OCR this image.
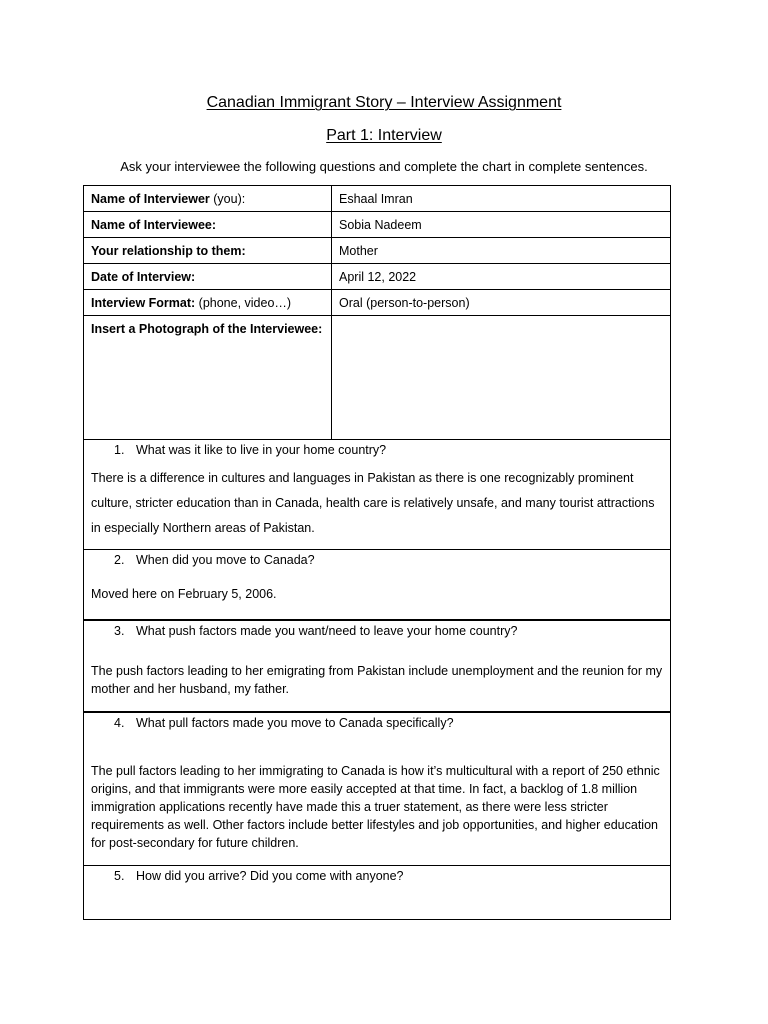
Canadian Immigrant Story – Interview Assignment
Part 1: Interview
Ask your interviewee the following questions and complete the chart in complete sentences.
Name of Interviewer (you):	Eshaal Imran
Name of Interviewee:	Sobia Nadeem
Your relationship to them:	Mother
Date of Interview:	April 12, 2022
Interview Format: (phone, video…)	Oral (person-to-person)
Insert a Photograph of the Interviewee:
1. What was it like to live in your home country?
There is a difference in cultures and languages in Pakistan as there is one recognizably prominent culture, stricter education than in Canada, health care is relatively unsafe, and many tourist attractions in especially Northern areas of Pakistan.
2. When did you move to Canada?
Moved here on February 5, 2006.
3. What push factors made you want/need to leave your home country?
The push factors leading to her emigrating from Pakistan include unemployment and the reunion for my mother and her husband, my father.
4. What pull factors made you move to Canada specifically?
The pull factors leading to her immigrating to Canada is how it’s multicultural with a report of 250 ethnic origins, and that immigrants were more easily accepted at that time. In fact, a backlog of 1.8 million immigration applications recently have made this a truer statement, as there were less stricter requirements as well. Other factors include better lifestyles and job opportunities, and higher education for post-secondary for future children.
5. How did you arrive? Did you come with anyone?
